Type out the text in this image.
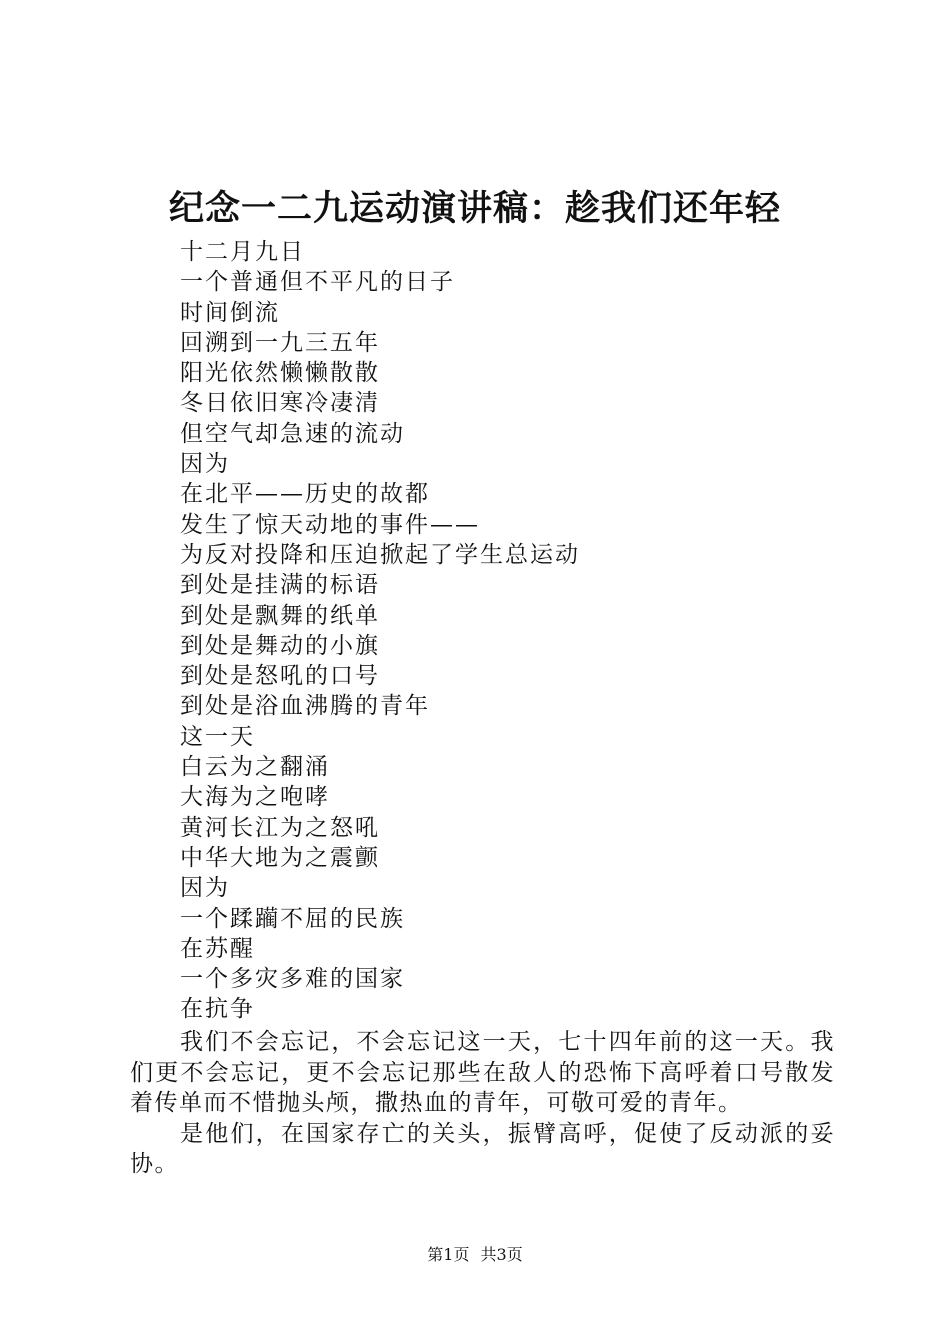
纪念一二九运动演讲稿：趁我们还年轻
十二月九日
一个普通但不平凡的日子
时间倒流
回溯到一九三五年
阳光依然懒懒散散
冬日依旧寒冷凄清
但空气却急速的流动
因为
在北平——历史的故都
发生了惊天动地的事件——
为反对投降和压迫掀起了学生总运动
到处是挂满的标语
到处是飘舞的纸单
到处是舞动的小旗
到处是怒吼的口号
到处是浴血沸腾的青年
这一天
白云为之翻涌
大海为之咆哮
黄河长江为之怒吼
中华大地为之震颤
因为
一个蹂躏不屈的民族
在苏醒
一个多灾多难的国家
在抗争

我们不会忘记，不会忘记这一天，七十四年前的这一天。我们更不会忘记，更不会忘记那些在敌人的恐怖下高呼着口号散发着传单而不惜抛头颅，撒热血的青年，可敬可爱的青年。

是他们，在国家存亡的关头，振臂高呼，促使了反动派的妥协。

第1页 共3页
